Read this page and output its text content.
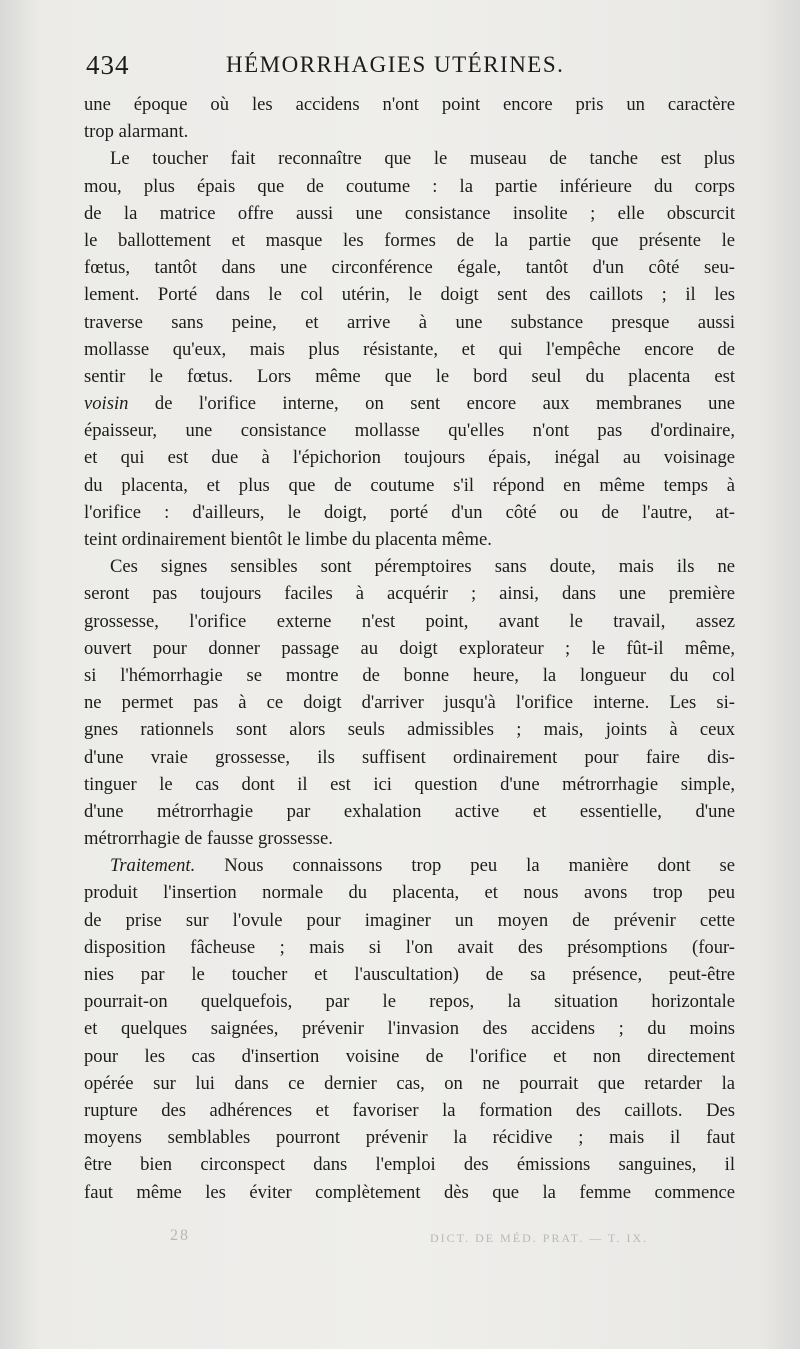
434	HÉMORRHAGIES UTÉRINES.
une époque où les accidens n'ont point encore pris un caractère
trop alarmant.
Le toucher fait reconnaître que le museau de tanche est plus
mou, plus épais que de coutume : la partie inférieure du corps
de la matrice offre aussi une consistance insolite ; elle obscurcit
le ballottement et masque les formes de la partie que présente le
fœtus, tantôt dans une circonférence égale, tantôt d'un côté seu-
lement. Porté dans le col utérin, le doigt sent des caillots ; il les
traverse sans peine, et arrive à une substance presque aussi
mollasse qu'eux, mais plus résistante, et qui l'empêche encore de
sentir le fœtus. Lors même que le bord seul du placenta est
voisin de l'orifice interne, on sent encore aux membranes une
épaisseur, une consistance mollasse qu'elles n'ont pas d'ordinaire,
et qui est due à l'épichorion toujours épais, inégal au voisinage
du placenta, et plus que de coutume s'il répond en même temps à
l'orifice : d'ailleurs, le doigt, porté d'un côté ou de l'autre, at-
teint ordinairement bientôt le limbe du placenta même.
Ces signes sensibles sont péremptoires sans doute, mais ils ne
seront pas toujours faciles à acquérir ; ainsi, dans une première
grossesse, l'orifice externe n'est point, avant le travail, assez
ouvert pour donner passage au doigt explorateur ; le fût-il même,
si l'hémorrhagie se montre de bonne heure, la longueur du col
ne permet pas à ce doigt d'arriver jusqu'à l'orifice interne. Les si-
gnes rationnels sont alors seuls admissibles ; mais, joints à ceux
d'une vraie grossesse, ils suffisent ordinairement pour faire dis-
tinguer le cas dont il est ici question d'une métrorrhagie simple,
d'une métrorrhagie par exhalation active et essentielle, d'une
métrorrhagie de fausse grossesse.
Traitement. Nous connaissons trop peu la manière dont se
produit l'insertion normale du placenta, et nous avons trop peu
de prise sur l'ovule pour imaginer un moyen de prévenir cette
disposition fâcheuse ; mais si l'on avait des présomptions (four-
nies par le toucher et l'auscultation) de sa présence, peut-être
pourrait-on quelquefois, par le repos, la situation horizontale
et quelques saignées, prévenir l'invasion des accidens ; du moins
pour les cas d'insertion voisine de l'orifice et non directement
opérée sur lui dans ce dernier cas, on ne pourrait que retarder la
rupture des adhérences et favoriser la formation des caillots. Des
moyens semblables pourront prévenir la récidive ; mais il faut
être bien circonspect dans l'emploi des émissions sanguines, il
faut même les éviter complètement dès que la femme commence
28	DICT. DE MÉD. PRAT. — T. IX.
